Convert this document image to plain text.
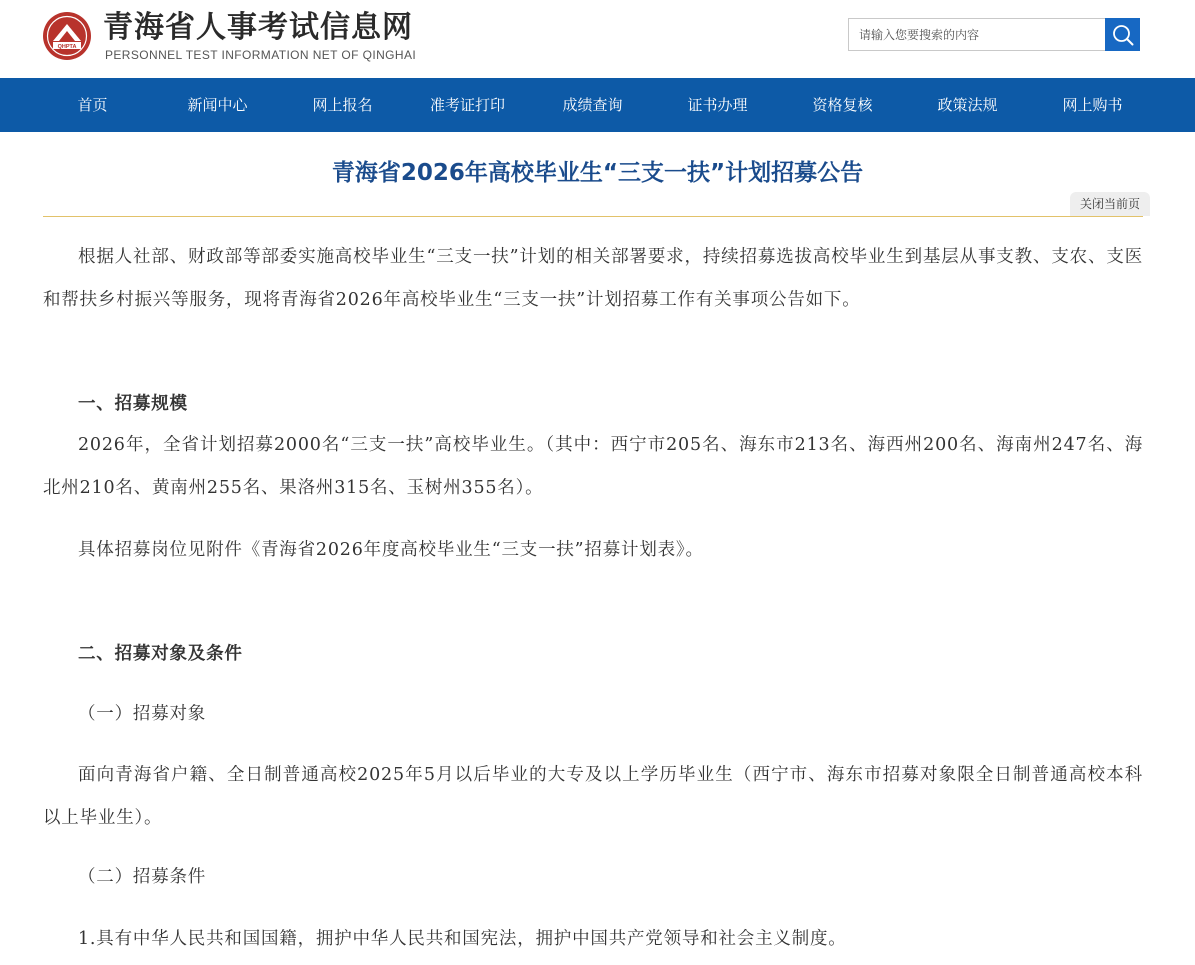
QHPTA
青海省人事考试信息网
PERSONNEL TEST INFORMATION NET OF QINGHAI
请输入您要搜索的内容
首页	新闻中心	网上报名	准考证打印	成绩查询	证书办理	资格复核	政策法规	网上购书
青海省2026年高校毕业生“三支一扶”计划招募公告
关闭当前页

根据人社部、财政部等部委实施高校毕业生“三支一扶”计划的相关部署要求，持续招募选拔高校毕业生到基层从事支教、支农、支医和帮扶乡村振兴等服务，现将青海省2026年高校毕业生“三支一扶”计划招募工作有关事项公告如下。

一、招募规模

2026年，全省计划招募2000名“三支一扶”高校毕业生。（其中：西宁市205名、海东市213名、海西州200名、海南州247名、海北州210名、黄南州255名、果洛州315名、玉树州355名）。

具体招募岗位见附件《青海省2026年度高校毕业生“三支一扶”招募计划表》。

二、招募对象及条件

（一）招募对象

面向青海省户籍、全日制普通高校2025年5月以后毕业的大专及以上学历毕业生（西宁市、海东市招募对象限全日制普通高校本科以上毕业生）。

（二）招募条件

1.具有中华人民共和国国籍，拥护中华人民共和国宪法，拥护中国共产党领导和社会主义制度。
